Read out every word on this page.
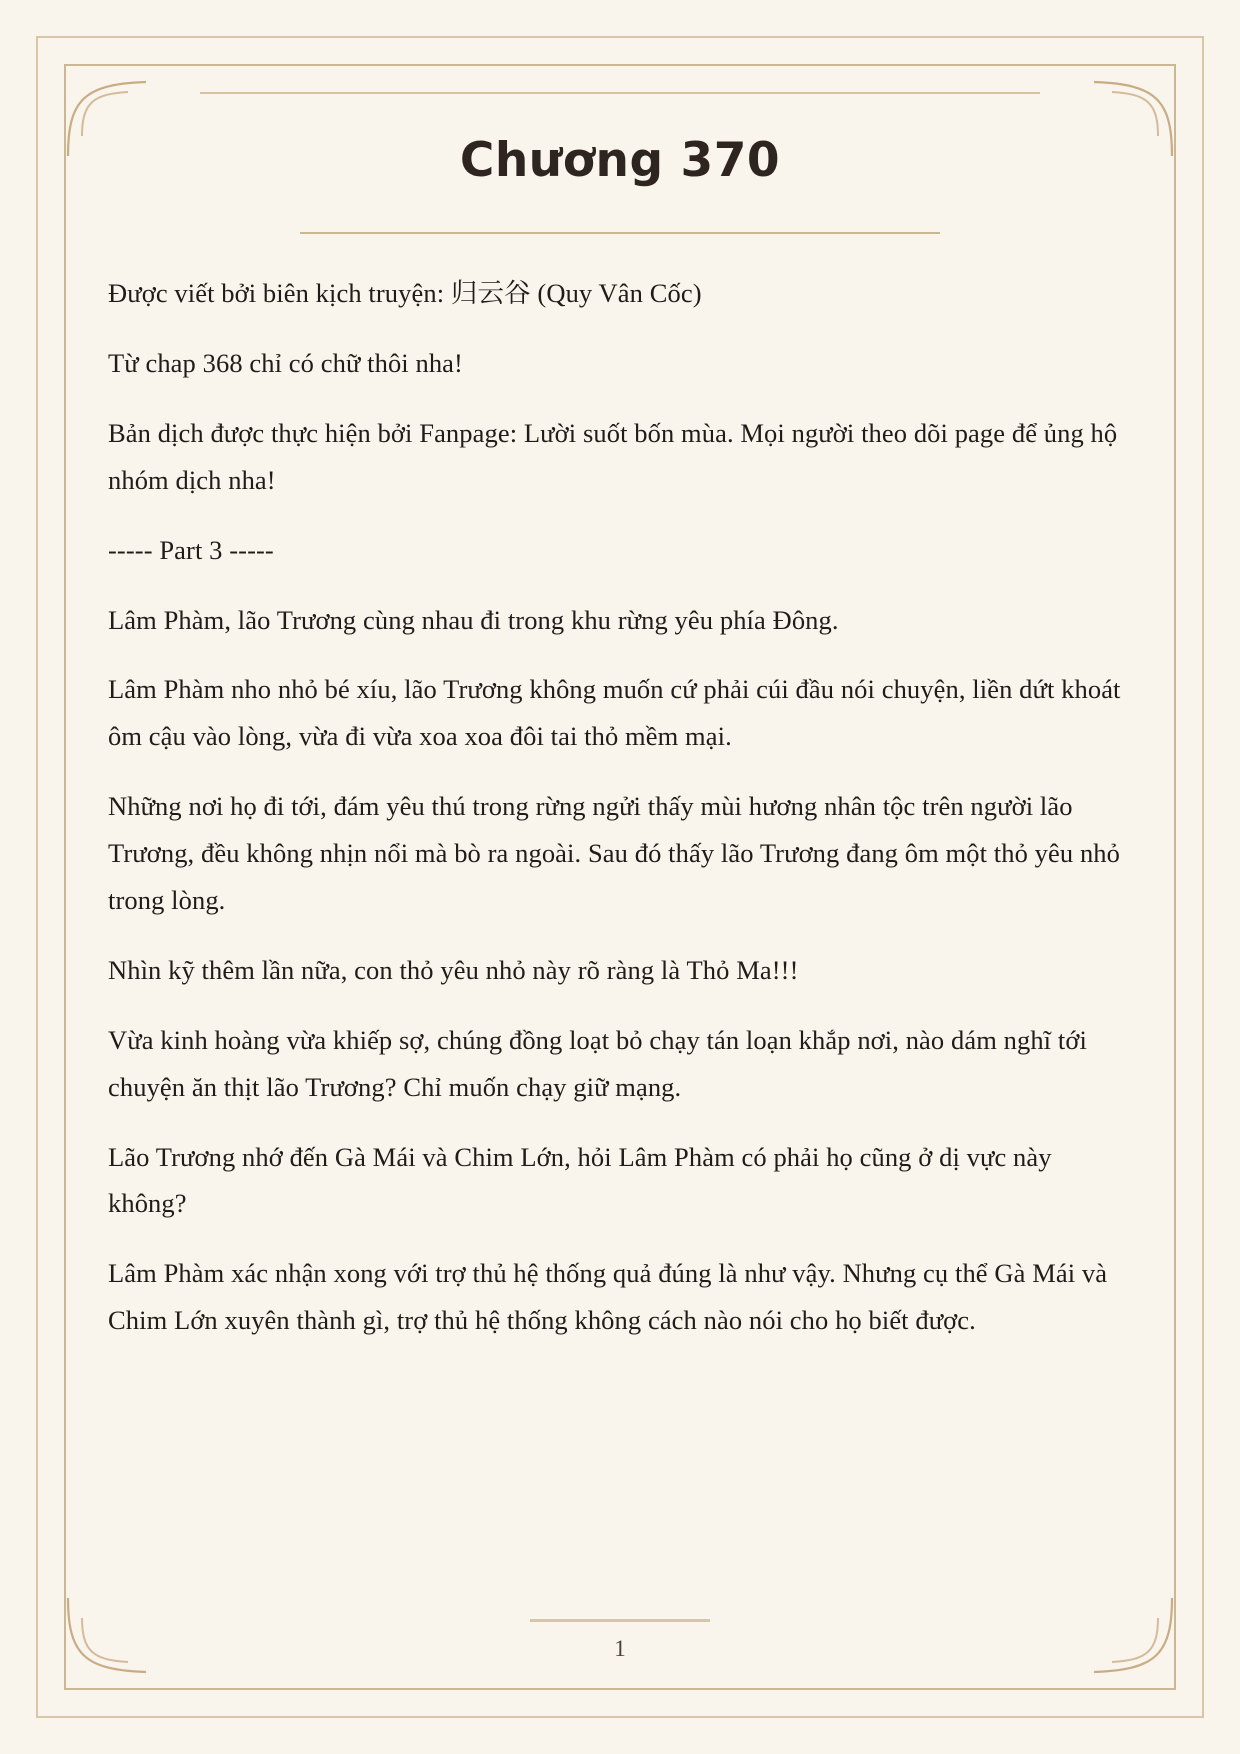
Chương 370

Được viết bởi biên kịch truyện: 归云谷 (Quy Vân Cốc)

Từ chap 368 chỉ có chữ thôi nha!

Bản dịch được thực hiện bởi Fanpage: Lười suốt bốn mùa. Mọi người theo dõi page để ủng hộ nhóm dịch nha!

----- Part 3 -----

Lâm Phàm, lão Trương cùng nhau đi trong khu rừng yêu phía Đông.

Lâm Phàm nho nhỏ bé xíu, lão Trương không muốn cứ phải cúi đầu nói chuyện, liền dứt khoát ôm cậu vào lòng, vừa đi vừa xoa xoa đôi tai thỏ mềm mại.

Những nơi họ đi tới, đám yêu thú trong rừng ngửi thấy mùi hương nhân tộc trên người lão Trương, đều không nhịn nổi mà bò ra ngoài. Sau đó thấy lão Trương đang ôm một thỏ yêu nhỏ trong lòng.

Nhìn kỹ thêm lần nữa, con thỏ yêu nhỏ này rõ ràng là Thỏ Ma!!!

Vừa kinh hoàng vừa khiếp sợ, chúng đồng loạt bỏ chạy tán loạn khắp nơi, nào dám nghĩ tới chuyện ăn thịt lão Trương? Chỉ muốn chạy giữ mạng.

Lão Trương nhớ đến Gà Mái và Chim Lớn, hỏi Lâm Phàm có phải họ cũng ở dị vực này không?

Lâm Phàm xác nhận xong với trợ thủ hệ thống quả đúng là như vậy. Nhưng cụ thể Gà Mái và Chim Lớn xuyên thành gì, trợ thủ hệ thống không cách nào nói cho họ biết được.

1
